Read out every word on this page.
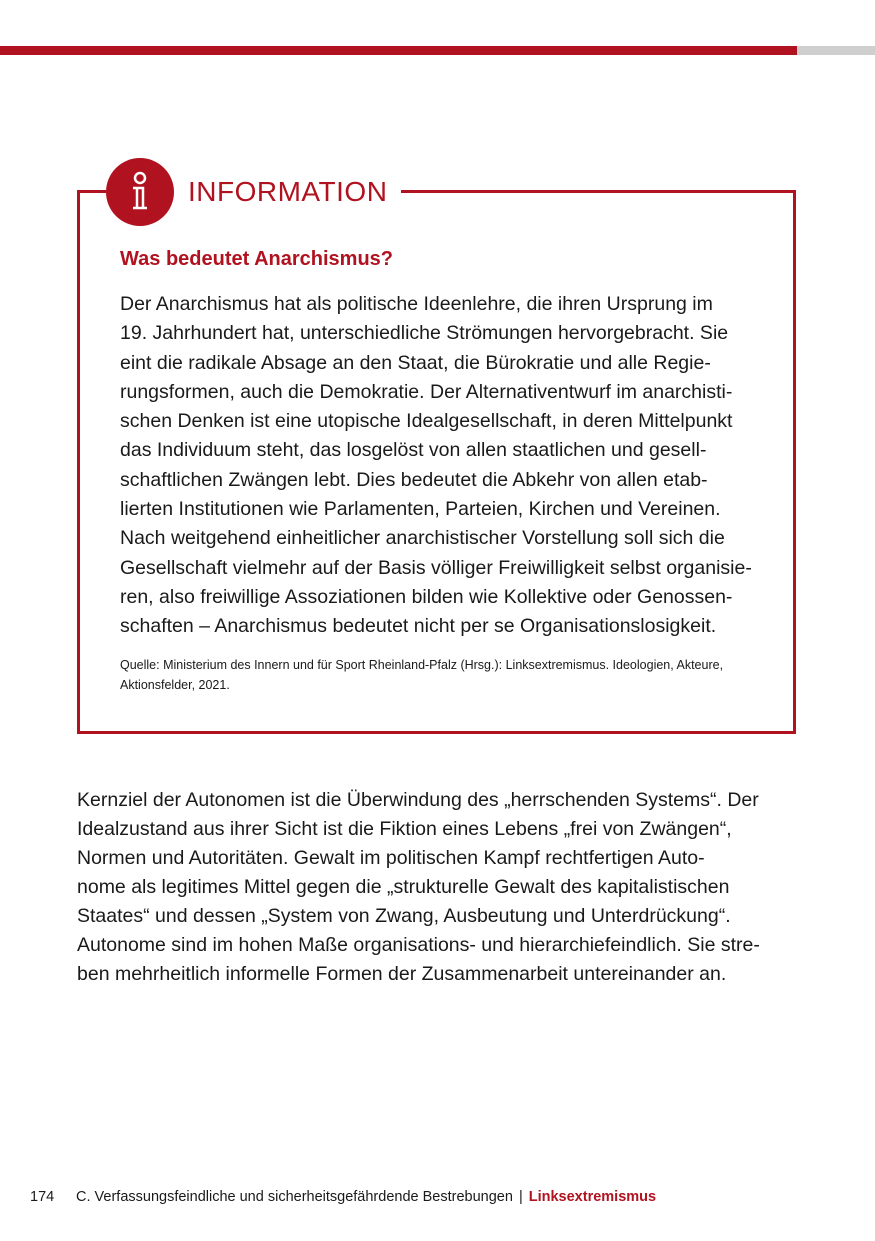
INFORMATION
Was bedeutet Anarchismus?

Der Anarchismus hat als politische Ideenlehre, die ihren Ursprung im
19. Jahrhundert hat, unterschiedliche Strömungen hervorgebracht. Sie
eint die radikale Absage an den Staat, die Bürokratie und alle Regie-
rungsformen, auch die Demokratie. Der Alternativentwurf im anarchisti-
schen Denken ist eine utopische Idealgesellschaft, in deren Mittelpunkt
das Individuum steht, das losgelöst von allen staatlichen und gesell-
schaftlichen Zwängen lebt. Dies bedeutet die Abkehr von allen etab-
lierten Institutionen wie Parlamenten, Parteien, Kirchen und Vereinen.
Nach weitgehend einheitlicher anarchistischer Vorstellung soll sich die
Gesellschaft vielmehr auf der Basis völliger Freiwilligkeit selbst organisie-
ren, also freiwillige Assoziationen bilden wie Kollektive oder Genossen-
schaften – Anarchismus bedeutet nicht per se Organisationslosigkeit.

Quelle: Ministerium des Innern und für Sport Rheinland-Pfalz (Hrsg.): Linksextremismus. Ideologien, Akteure,
Aktionsfelder, 2021.

Kernziel der Autonomen ist die Überwindung des „herrschenden Systems“. Der
Idealzustand aus ihrer Sicht ist die Fiktion eines Lebens „frei von Zwängen“,
Normen und Autoritäten. Gewalt im politischen Kampf rechtfertigen Auto-
nome als legitimes Mittel gegen die „strukturelle Gewalt des kapitalistischen
Staates“ und dessen „System von Zwang, Ausbeutung und Unterdrückung“.
Autonome sind im hohen Maße organisations- und hierarchiefeindlich. Sie stre-
ben mehrheitlich informelle Formen der Zusammenarbeit untereinander an.

174 C. Verfassungsfeindliche und sicherheitsgefährdende Bestrebungen | Linksextremismus
